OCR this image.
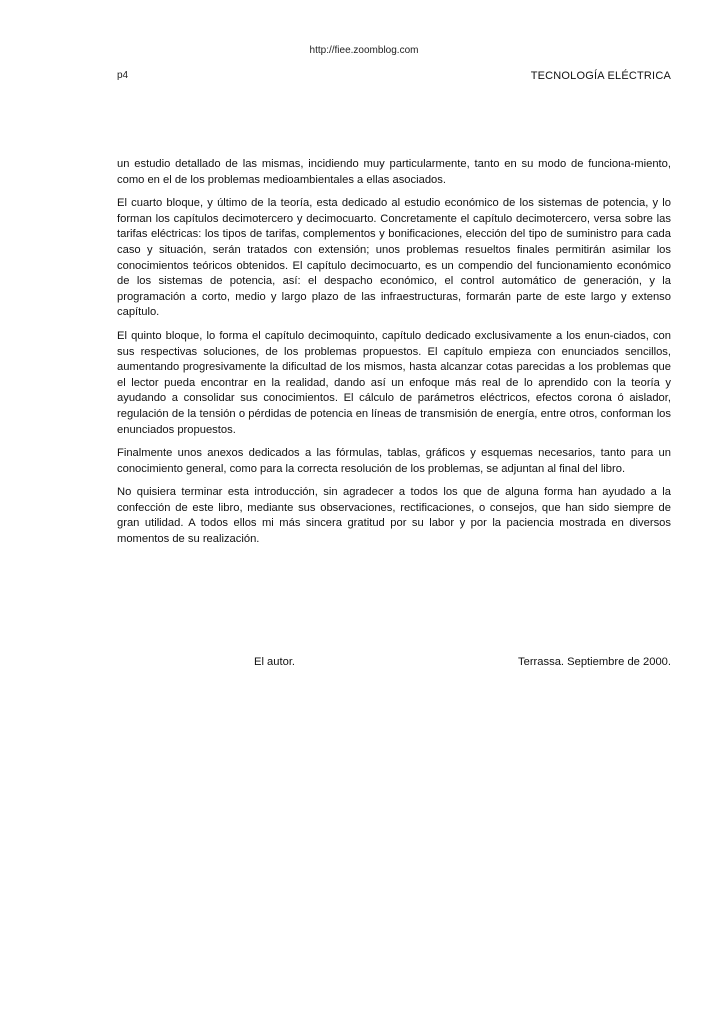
http://fiee.zoomblog.com
p4	TECNOLOGÍA ELÉCTRICA

un estudio detallado de las mismas, incidiendo muy particularmente, tanto en su modo de funciona-miento, como en el de los problemas medioambientales a ellas asociados.

El cuarto bloque, y último de la teoría, esta dedicado al estudio económico de los sistemas de potencia, y lo forman los capítulos decimotercero y decimocuarto. Concretamente el capítulo decimotercero, versa sobre las tarifas eléctricas: los tipos de tarifas, complementos y bonificaciones, elección del tipo de suministro para cada caso y situación, serán tratados con extensión; unos problemas resueltos finales permitirán asimilar los conocimientos teóricos obtenidos. El capítulo decimocuarto, es un compendio del funcionamiento económico de los sistemas de potencia, así: el despacho económico, el control automático de generación, y la programación a corto, medio y largo plazo de las infraestructuras, formarán parte de este largo y extenso capítulo.

El quinto bloque, lo forma el capítulo decimoquinto, capítulo dedicado exclusivamente a los enun-ciados, con sus respectivas soluciones, de los problemas propuestos. El capítulo empieza con enunciados sencillos, aumentando progresivamente la dificultad de los mismos, hasta alcanzar cotas parecidas a los problemas que el lector pueda encontrar en la realidad, dando así un enfoque más real de lo aprendido con la teoría y ayudando a consolidar sus conocimientos. El cálculo de parámetros eléctricos, efectos corona ó aislador, regulación de la tensión o pérdidas de potencia en líneas de transmisión de energía, entre otros, conforman los enunciados propuestos.

Finalmente unos anexos dedicados a las fórmulas, tablas, gráficos y esquemas necesarios, tanto para un conocimiento general, como para la correcta resolución de los problemas, se adjuntan al final del libro.

No quisiera terminar esta introducción, sin agradecer a todos los que de alguna forma han ayudado a la confección de este libro, mediante sus observaciones, rectificaciones, o consejos, que han sido siempre de gran utilidad. A todos ellos mi más sincera gratitud por su labor y por la paciencia mostrada en diversos momentos de su realización.

El autor.	Terrassa. Septiembre de 2000.
